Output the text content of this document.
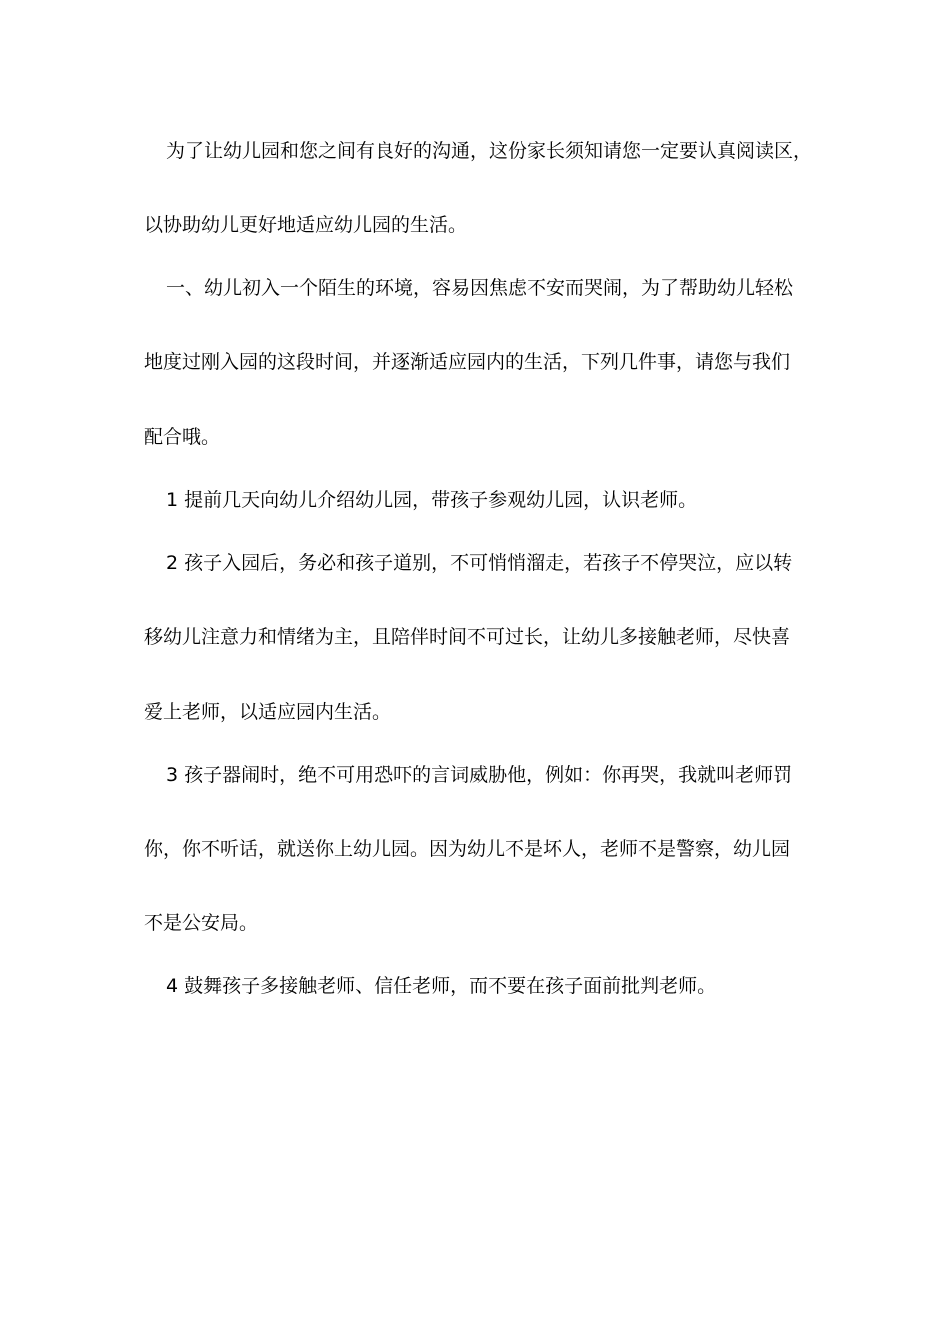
为了让幼儿园和您之间有良好的沟通，这份家长须知请您一定要认真阅读区，
以协助幼儿更好地适应幼儿园的生活。
一、幼儿初入一个陌生的环境，容易因焦虑不安而哭闹，为了帮助幼儿轻松
地度过刚入园的这段时间，并逐渐适应园内的生活，下列几件事，请您与我们
配合哦。
1 提前几天向幼儿介绍幼儿园，带孩子参观幼儿园，认识老师。
2 孩子入园后，务必和孩子道别，不可悄悄溜走，若孩子不停哭泣，应以转
移幼儿注意力和情绪为主，且陪伴时间不可过长，让幼儿多接触老师，尽快喜
爱上老师，以适应园内生活。
3 孩子器闹时，绝不可用恐吓的言词威胁他，例如：你再哭，我就叫老师罚
你，你不听话，就送你上幼儿园。因为幼儿不是坏人，老师不是警察，幼儿园
不是公安局。
4 鼓舞孩子多接触老师、信任老师，而不要在孩子面前批判老师。
